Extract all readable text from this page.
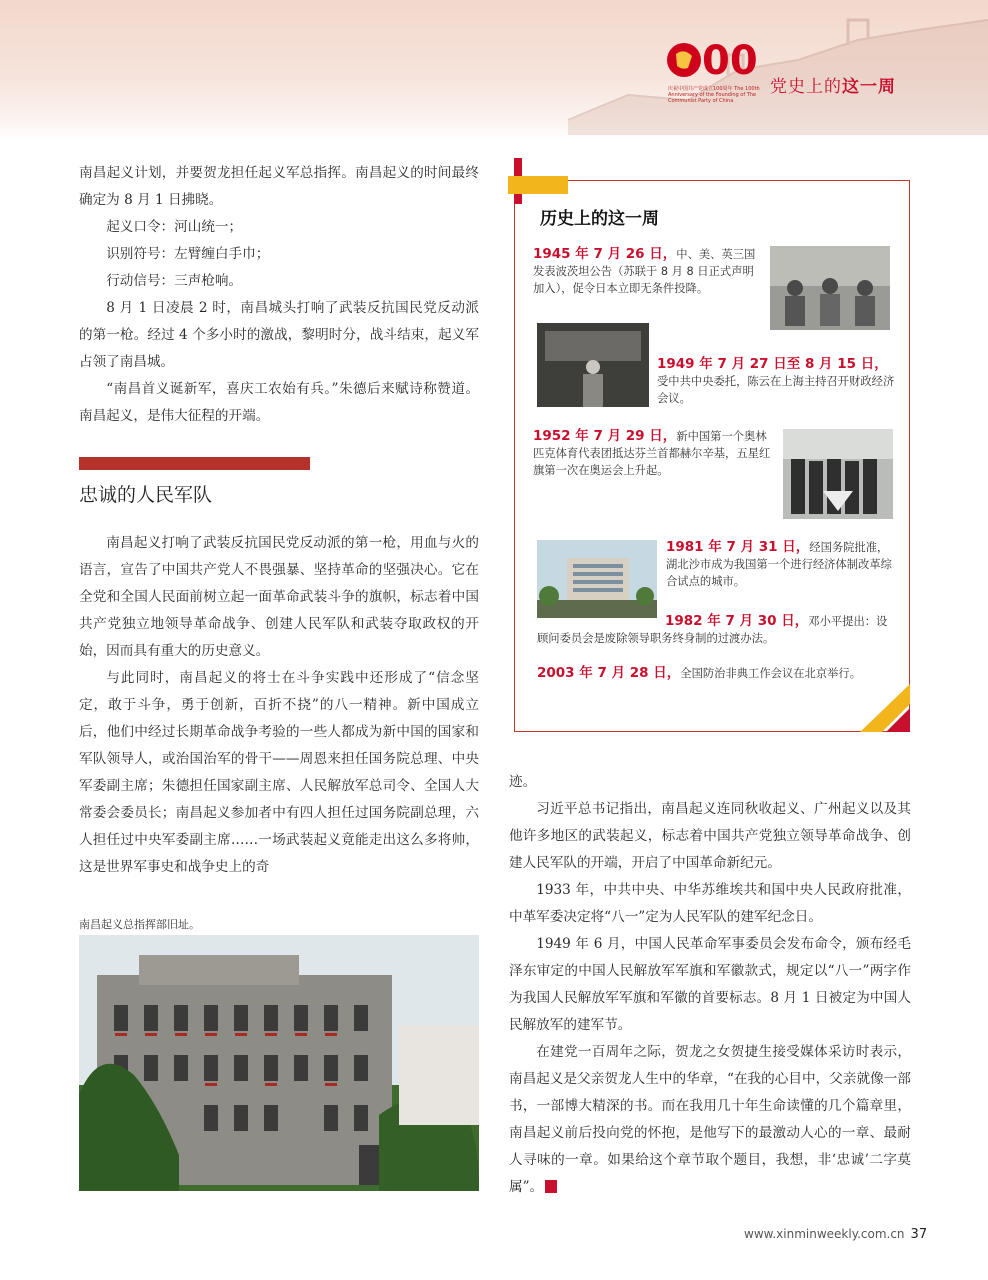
00
庆祝中国共产党成立100周年 The 100th Anniversary of the Founding of The Communist Party of China
党史上的这一周

南昌起义计划，并要贺龙担任起义军总指挥。南昌起义的时间最终确定为 8 月 1 日拂晓。

起义口令：河山统一；

识别符号：左臂缠白手巾；

行动信号：三声枪响。

8 月 1 日凌晨 2 时，南昌城头打响了武装反抗国民党反动派的第一枪。经过 4 个多小时的激战，黎明时分，战斗结束，起义军占领了南昌城。

“南昌首义诞新军，喜庆工农始有兵。”朱德后来赋诗称赞道。南昌起义，是伟大征程的开端。

忠诚的人民军队

南昌起义打响了武装反抗国民党反动派的第一枪，用血与火的语言，宣告了中国共产党人不畏强暴、坚持革命的坚强决心。它在全党和全国人民面前树立起一面革命武装斗争的旗帜，标志着中国共产党独立地领导革命战争、创建人民军队和武装夺取政权的开始，因而具有重大的历史意义。

与此同时，南昌起义的将士在斗争实践中还形成了“信念坚定，敢于斗争，勇于创新，百折不挠”的八一精神。新中国成立后，他们中经过长期革命战争考验的一些人都成为新中国的国家和军队领导人，或治国治军的骨干——周恩来担任国务院总理、中央军委副主席；朱德担任国家副主席、人民解放军总司令、全国人大常委会委员长；南昌起义参加者中有四人担任过国务院副总理，六人担任过中央军委副主席……一场武装起义竟能走出这么多将帅，这是世界军事史和战争史上的奇

南昌起义总指挥部旧址。
历史上的这一周
1945 年 7 月 26 日，中、美、英三国发表波茨坦公告（苏联于 8 月 8 日正式声明加入），促令日本立即无条件投降。
1949 年 7 月 27 日至 8 月 15 日，受中共中央委托，陈云在上海主持召开财政经济会议。
1952 年 7 月 29 日，新中国第一个奥林匹克体育代表团抵达芬兰首都赫尔辛基，五星红旗第一次在奥运会上升起。
1981 年 7 月 31 日，经国务院批准，湖北沙市成为我国第一个进行经济体制改革综合试点的城市。
1982 年 7 月 30 日，邓小平提出：设顾问委员会是废除领导职务终身制的过渡办法。
2003 年 7 月 28 日，全国防治非典工作会议在北京举行。

迹。

习近平总书记指出，南昌起义连同秋收起义、广州起义以及其他许多地区的武装起义，标志着中国共产党独立领导革命战争、创建人民军队的开端，开启了中国革命新纪元。

1933 年，中共中央、中华苏维埃共和国中央人民政府批准，中革军委决定将“八一”定为人民军队的建军纪念日。

1949 年 6 月，中国人民革命军事委员会发布命令，颁布经毛泽东审定的中国人民解放军军旗和军徽款式，规定以“八一”两字作为我国人民解放军军旗和军徽的首要标志。8 月 1 日被定为中国人民解放军的建军节。

在建党一百周年之际，贺龙之女贺捷生接受媒体采访时表示，南昌起义是父亲贺龙人生中的华章，“在我的心目中，父亲就像一部书，一部博大精深的书。而在我用几十年生命读懂的几个篇章里，南昌起义前后投向党的怀抱，是他写下的最激动人心的一章、最耐人寻味的一章。如果给这个章节取个题目，我想，非‘忠诚’二字莫属”。

www.xinminweekly.com.cn 37
